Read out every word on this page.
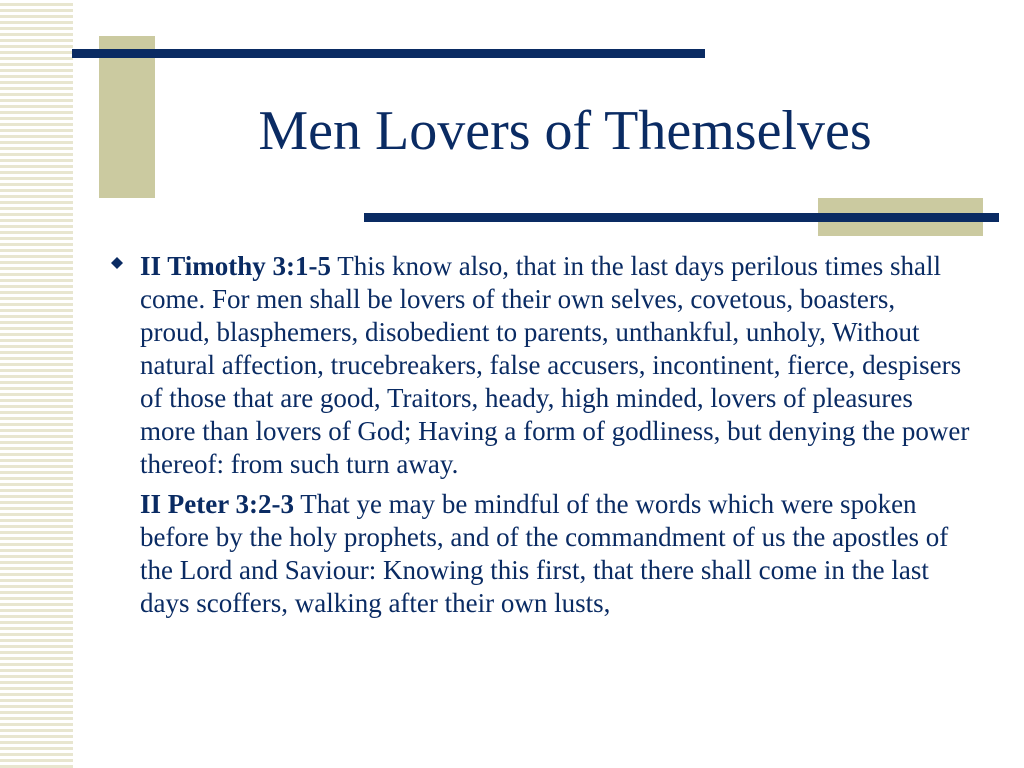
Men Lovers of Themselves

II Timothy 3:1-5 This know also, that in the last days perilous times shall come. For men shall be lovers of their own selves, covetous, boasters, proud, blasphemers, disobedient to parents, unthankful, unholy, Without natural affection, trucebreakers, false accusers, incontinent, fierce, despisers of those that are good, Traitors, heady, high minded, lovers of pleasures more than lovers of God; Having a form of godliness, but denying the power thereof: from such turn away.

II Peter 3:2-3 That ye may be mindful of the words which were spoken before by the holy prophets, and of the commandment of us the apostles of the Lord and Saviour: Knowing this first, that there shall come in the last days scoffers, walking after their own lusts,
